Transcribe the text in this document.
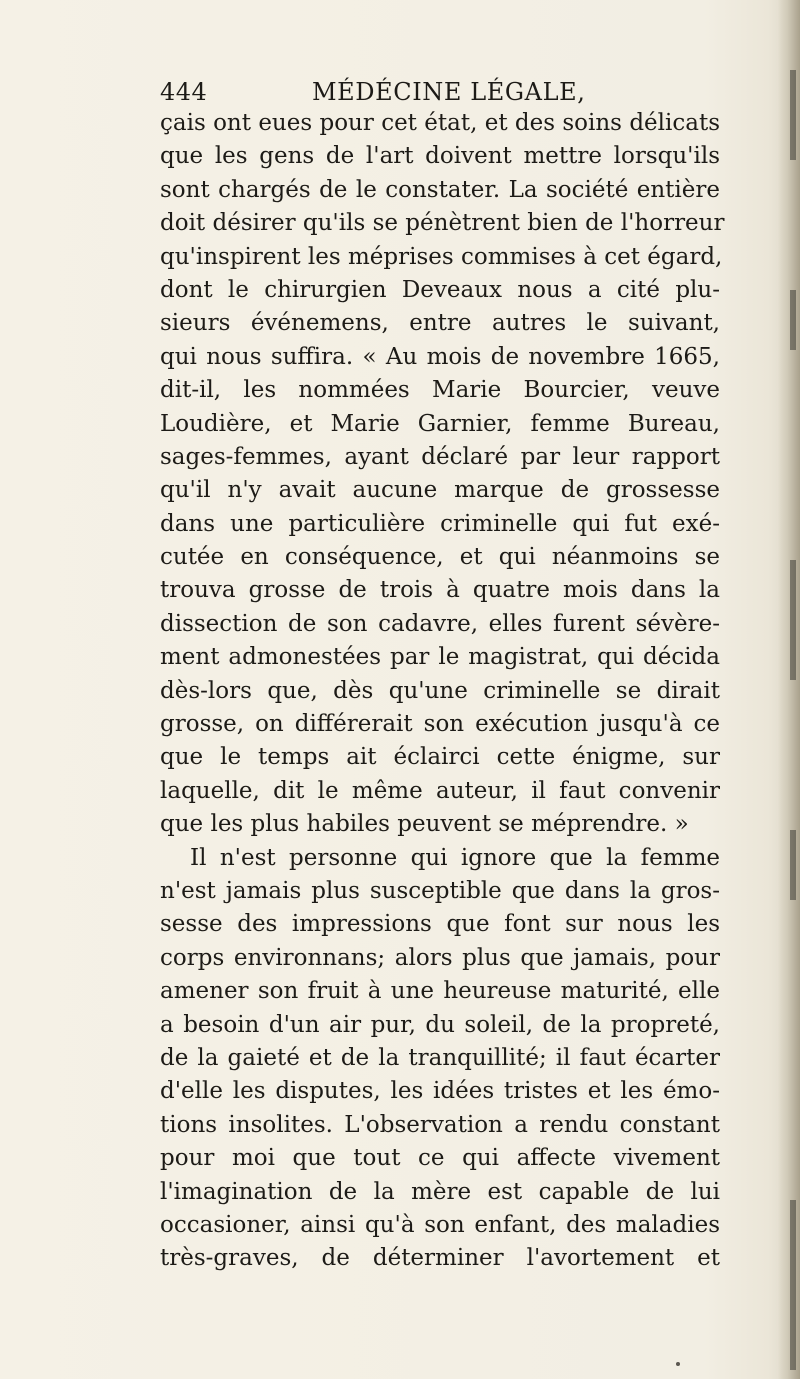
444	MÉDÉCINE LÉGALE,
çais ont eues pour cet état, et des soins délicats
que les gens de l'art doivent mettre lorsqu'ils
sont chargés de le constater. La société entière
doit désirer qu'ils se pénètrent bien de l'horreur
qu'inspirent les méprises commises à cet égard,
dont le chirurgien Deveaux nous a cité plu-
sieurs événemens, entre autres le suivant,
qui nous suffira. « Au mois de novembre 1665,
dit-il, les nommées Marie Bourcier, veuve
Loudière, et Marie Garnier, femme Bureau,
sages-femmes, ayant déclaré par leur rapport
qu'il n'y avait aucune marque de grossesse
dans une particulière criminelle qui fut exé-
cutée en conséquence, et qui néanmoins se
trouva grosse de trois à quatre mois dans la
dissection de son cadavre, elles furent sévère-
ment admonestées par le magistrat, qui décida
dès-lors que, dès qu'une criminelle se dirait
grosse, on différerait son exécution jusqu'à ce
que le temps ait éclairci cette énigme, sur
laquelle, dit le même auteur, il faut convenir
que les plus habiles peuvent se méprendre. »
Il n'est personne qui ignore que la femme
n'est jamais plus susceptible que dans la gros-
sesse des impressions que font sur nous les
corps environnans; alors plus que jamais, pour
amener son fruit à une heureuse maturité, elle
a besoin d'un air pur, du soleil, de la propreté,
de la gaieté et de la tranquillité; il faut écarter
d'elle les disputes, les idées tristes et les émo-
tions insolites. L'observation a rendu constant
pour moi que tout ce qui affecte vivement
l'imagination de la mère est capable de lui
occasioner, ainsi qu'à son enfant, des maladies
très-graves, de déterminer l'avortement et
